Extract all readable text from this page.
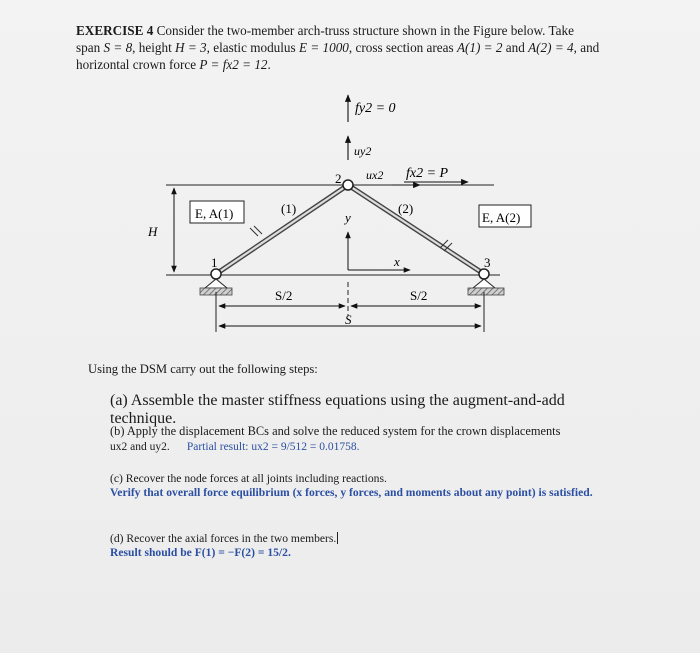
EXERCISE 4 Consider the two-member arch-truss structure shown in the Figure below. Take
span S = 8, height H = 3, elastic modulus E = 1000, cross section areas A(1) = 2 and A(2) = 4, and
horizontal crown force P = fx2 = 12.
H
E, A(1)	E, A(2)
(1)	(2)
2
1	3
fy2 = 0
uy2
ux2 fx2 = P
y
x
S/2	S/2
S
Using the DSM carry out the following steps:
(a) Assemble the master stiffness equations using the augment-and-add technique.
(b) Apply the displacement BCs and solve the reduced system for the crown displacements
ux2 and uy2. Partial result: ux2 = 9/512 = 0.01758.
(c) Recover the node forces at all joints including reactions.
Verify that overall force equilibrium (x forces, y forces, and moments about any point) is satisfied.
(d) Recover the axial forces in the two members.
Result should be F(1) = −F(2) = 15/2.
